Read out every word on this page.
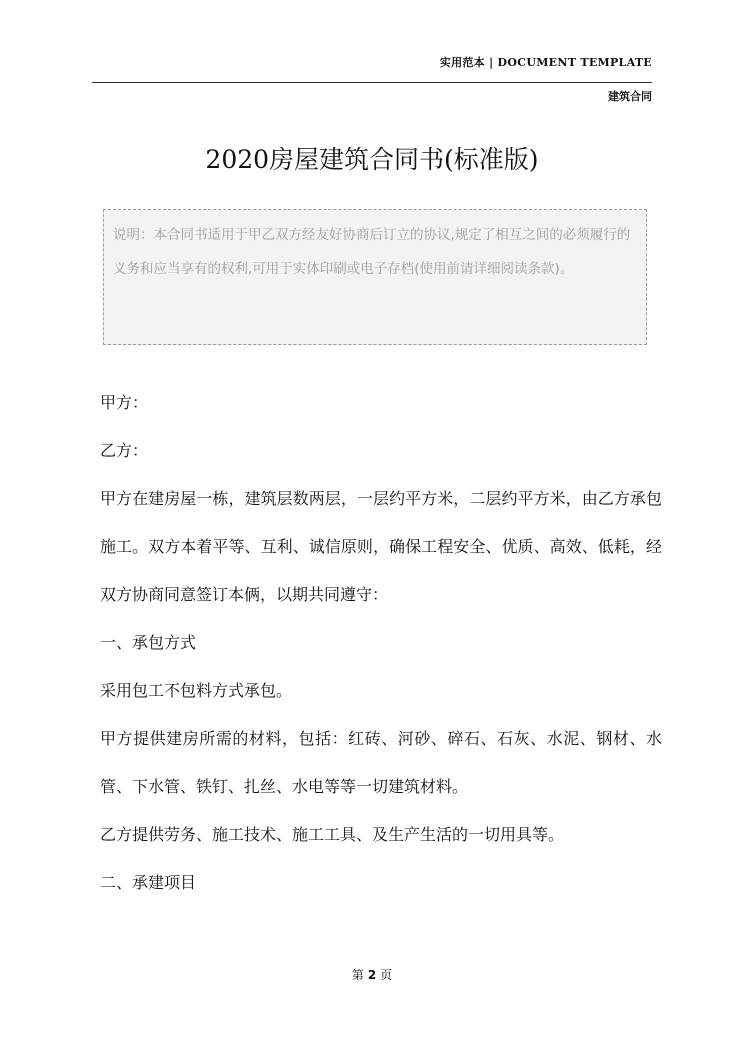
实用范本 | DOCUMENT TEMPLATE
建筑合同
2020房屋建筑合同书(标准版)
说明：本合同书适用于甲乙双方经友好协商后订立的协议,规定了相互之间的必须履行的义务和应当享有的权利,可用于实体印刷或电子存档(使用前请详细阅读条款)。

甲方：

乙方：

甲方在建房屋一栋，建筑层数两层，一层约平方米，二层约平方米，由乙方承包施工。双方本着平等、互利、诚信原则，确保工程安全、优质、高效、低耗，经双方协商同意签订本俩，以期共同遵守：

一、承包方式

采用包工不包料方式承包。

甲方提供建房所需的材料，包括：红砖、河砂、碎石、石灰、水泥、钢材、水管、下水管、铁钉、扎丝、水电等等一切建筑材料。

乙方提供劳务、施工技术、施工工具、及生产生活的一切用具等。

二、承建项目

第 2 页
